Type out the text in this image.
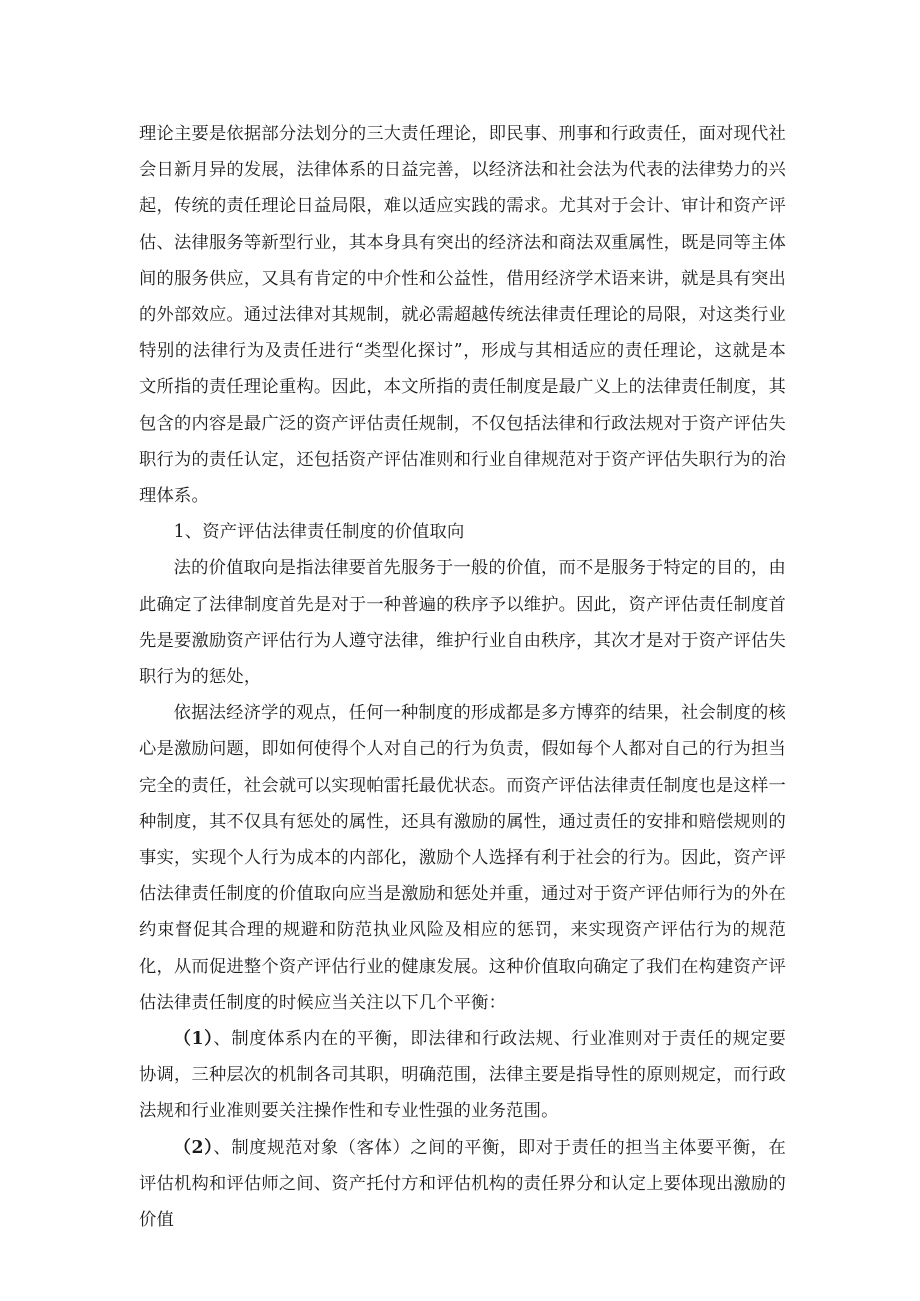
理论主要是依据部分法划分的三大责任理论，即民事、刑事和行政责任，面对现代社会日新月异的发展，法律体系的日益完善，以经济法和社会法为代表的法律势力的兴起，传统的责任理论日益局限，难以适应实践的需求。尤其对于会计、审计和资产评估、法律服务等新型行业，其本身具有突出的经济法和商法双重属性，既是同等主体间的服务供应，又具有肯定的中介性和公益性，借用经济学术语来讲，就是具有突出的外部效应。通过法律对其规制，就必需超越传统法律责任理论的局限，对这类行业特别的法律行为及责任进行“类型化探讨”，形成与其相适应的责任理论，这就是本文所指的责任理论重构。因此，本文所指的责任制度是最广义上的法律责任制度，其包含的内容是最广泛的资产评估责任规制，不仅包括法律和行政法规对于资产评估失职行为的责任认定，还包括资产评估准则和行业自律规范对于资产评估失职行为的治理体系。

1、资产评估法律责任制度的价值取向

法的价值取向是指法律要首先服务于一般的价值，而不是服务于特定的目的，由此确定了法律制度首先是对于一种普遍的秩序予以维护。因此，资产评估责任制度首先是要激励资产评估行为人遵守法律，维护行业自由秩序，其次才是对于资产评估失职行为的惩处，

依据法经济学的观点，任何一种制度的形成都是多方博弈的结果，社会制度的核心是激励问题，即如何使得个人对自己的行为负责，假如每个人都对自己的行为担当完全的责任，社会就可以实现帕雷托最优状态。而资产评估法律责任制度也是这样一种制度，其不仅具有惩处的属性，还具有激励的属性，通过责任的安排和赔偿规则的事实，实现个人行为成本的内部化，激励个人选择有利于社会的行为。因此，资产评估法律责任制度的价值取向应当是激励和惩处并重，通过对于资产评估师行为的外在约束督促其合理的规避和防范执业风险及相应的惩罚，来实现资产评估行为的规范化，从而促进整个资产评估行业的健康发展。这种价值取向确定了我们在构建资产评估法律责任制度的时候应当关注以下几个平衡：

（1）、制度体系内在的平衡，即法律和行政法规、行业准则对于责任的规定要协调，三种层次的机制各司其职，明确范围，法律主要是指导性的原则规定，而行政法规和行业准则要关注操作性和专业性强的业务范围。

（2）、制度规范对象（客体）之间的平衡，即对于责任的担当主体要平衡，在评估机构和评估师之间、资产托付方和评估机构的责任界分和认定上要体现出激励的价值
